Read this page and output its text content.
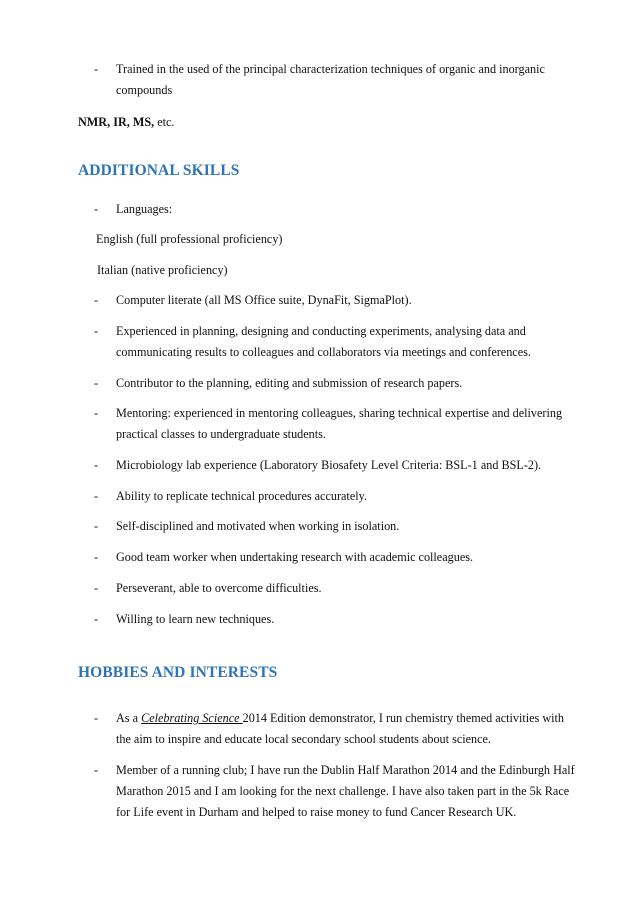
- Trained in the used of the principal characterization techniques of organic and inorganic
compounds
NMR, IR, MS, etc.
ADDITIONAL SKILLS
- Languages:
English (full professional proficiency)
Italian (native proficiency)
- Computer literate (all MS Office suite, DynaFit, SigmaPlot).
- Experienced in planning, designing and conducting experiments, analysing data and
communicating results to colleagues and collaborators via meetings and conferences.
- Contributor to the planning, editing and submission of research papers.
- Mentoring: experienced in mentoring colleagues, sharing technical expertise and delivering
practical classes to undergraduate students.
- Microbiology lab experience (Laboratory Biosafety Level Criteria: BSL-1 and BSL-2).
- Ability to replicate technical procedures accurately.
- Self-disciplined and motivated when working in isolation.
- Good team worker when undertaking research with academic colleagues.
- Perseverant, able to overcome difficulties.
- Willing to learn new techniques.
HOBBIES AND INTERESTS
- As a Celebrating Science 2014 Edition demonstrator, I run chemistry themed activities with
the aim to inspire and educate local secondary school students about science.
- Member of a running club; I have run the Dublin Half Marathon 2014 and the Edinburgh Half
Marathon 2015 and I am looking for the next challenge. I have also taken part in the 5k Race
for Life event in Durham and helped to raise money to fund Cancer Research UK.
